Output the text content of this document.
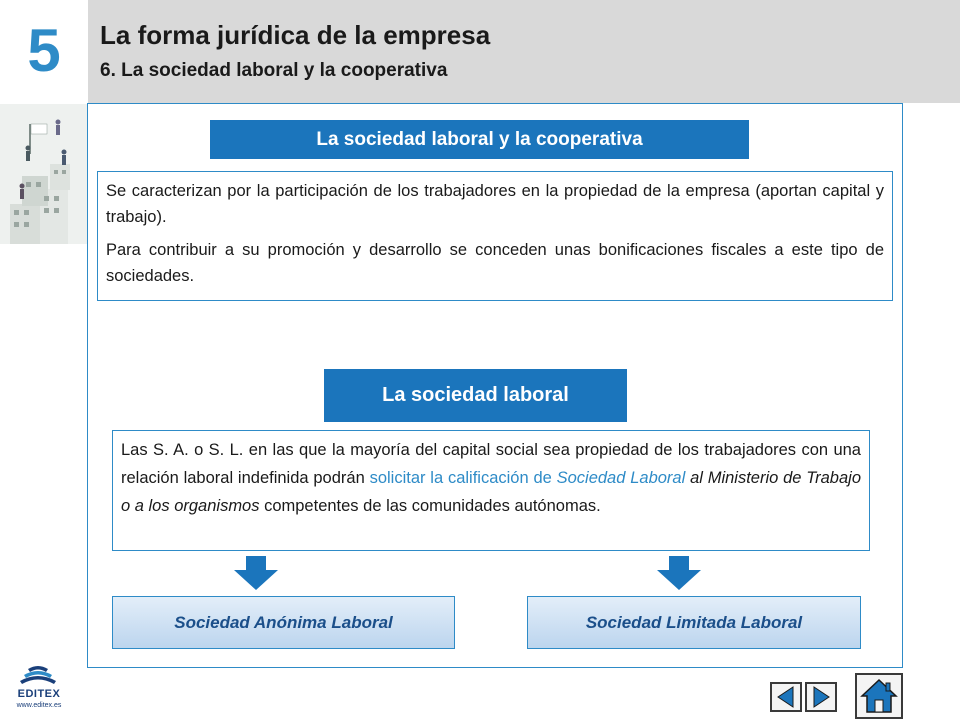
5	La forma jurídica de la empresa
6. La sociedad laboral y la cooperativa
La sociedad laboral y la cooperativa

Se caracterizan por la participación de los trabajadores en la propiedad de la empresa (aportan capital y trabajo).

Para contribuir a su promoción y desarrollo se conceden unas bonificaciones fiscales a este tipo de sociedades.

La sociedad laboral
Las S. A. o S. L. en las que la mayoría del capital social sea propiedad de los trabajadores con una relación laboral indefinida podrán solicitar la calificación de Sociedad Laboral al Ministerio de Trabajo o a los organismos competentes de las comunidades autónomas.
Sociedad Anónima Laboral	Sociedad Limitada Laboral
EDITEX
www.editex.es
